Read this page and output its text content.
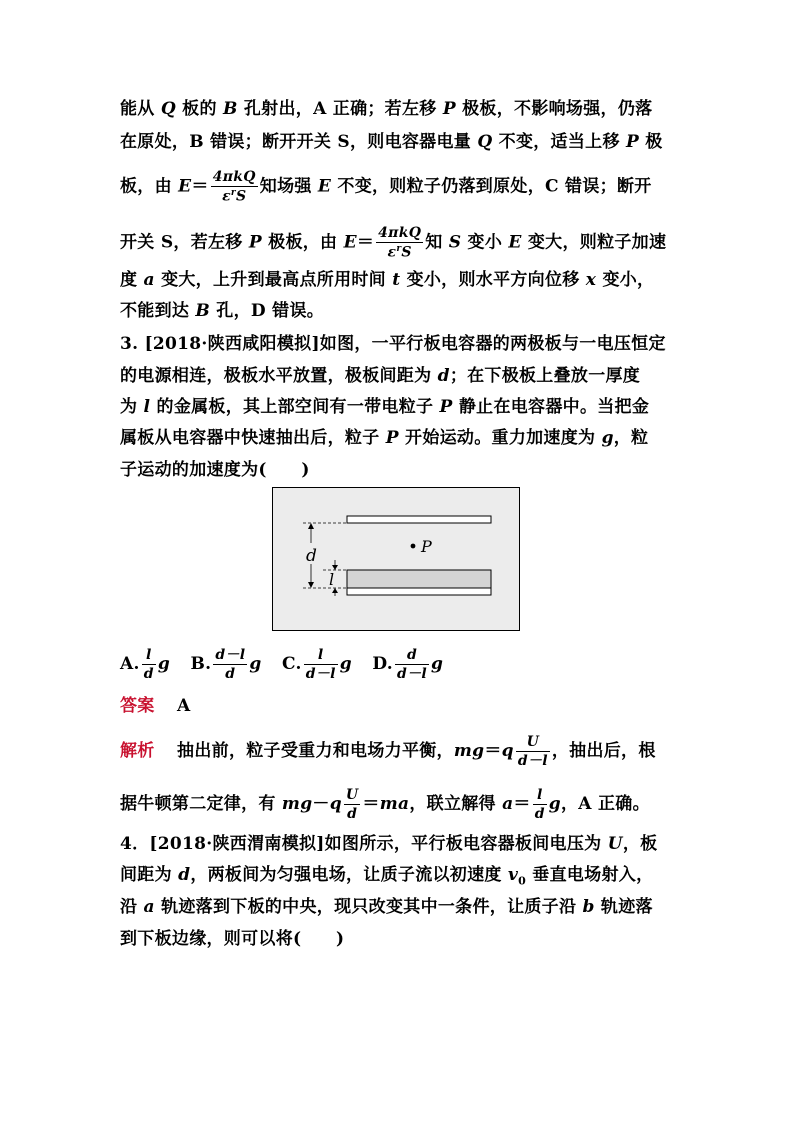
能从 Q 板的 B 孔射出，A 正确；若左移 P 极板，不影响场强，仍落
在原处，B 错误；断开开关 S，则电容器电量 Q 不变，适当上移 P 极
板，由 $E= \frac{\text{4πkQ}}{\varepsilon^rS}$ 知场强 E 不变，则粒子仍落到原处，C 错误；断开
开关 S，若左移 P 极板，由 $E= \frac{\text{4πkQ}}{\varepsilon^rS}$ 知 S 变小 E 变大，则粒子加速
度 a 变大，上升到最高点所用时间 t 变小，则水平方向位移 x 变小，
不能到达 B 孔，D 错误。
3. [2018·陕西咸阳模拟]如图，一平行板电容器的两极板与一电压恒定
的电源相连，极板水平放置，极板间距为 d；在下极板上叠放一厚度
为 l 的金属板，其上部空间有一带电粒子 P 静止在电容器中。当把金
属板从电容器中快速抽出后，粒子 P 开始运动。重力加速度为 g，粒
子运动的加速度为(　　)
d
l
P
A. $\frac{l}{d}$ g B. $\frac{d-l}{d}$ g C. $\frac{l}{d-l}$ g D. $\frac{d}{d-l}$ g
答案 A
解析 抽出前，粒子受重力和电场力平衡，$mg=q \frac{U}{d-l}$ ，抽出后，根
据牛顿第二定律，有 $mg-q \frac{U}{d} =ma$，联立解得 $a= \frac{l}{d}$ g，A 正确。
4．[2018·陕西渭南模拟]如图所示，平行板电容器板间电压为 U，板
间距为 d，两板间为匀强电场，让质子流以初速度 $v_0$ 垂直电场射入，
沿 a 轨迹落到下板的中央，现只改变其中一条件，让质子沿 b 轨迹落
到下板边缘，则可以将(　　)
